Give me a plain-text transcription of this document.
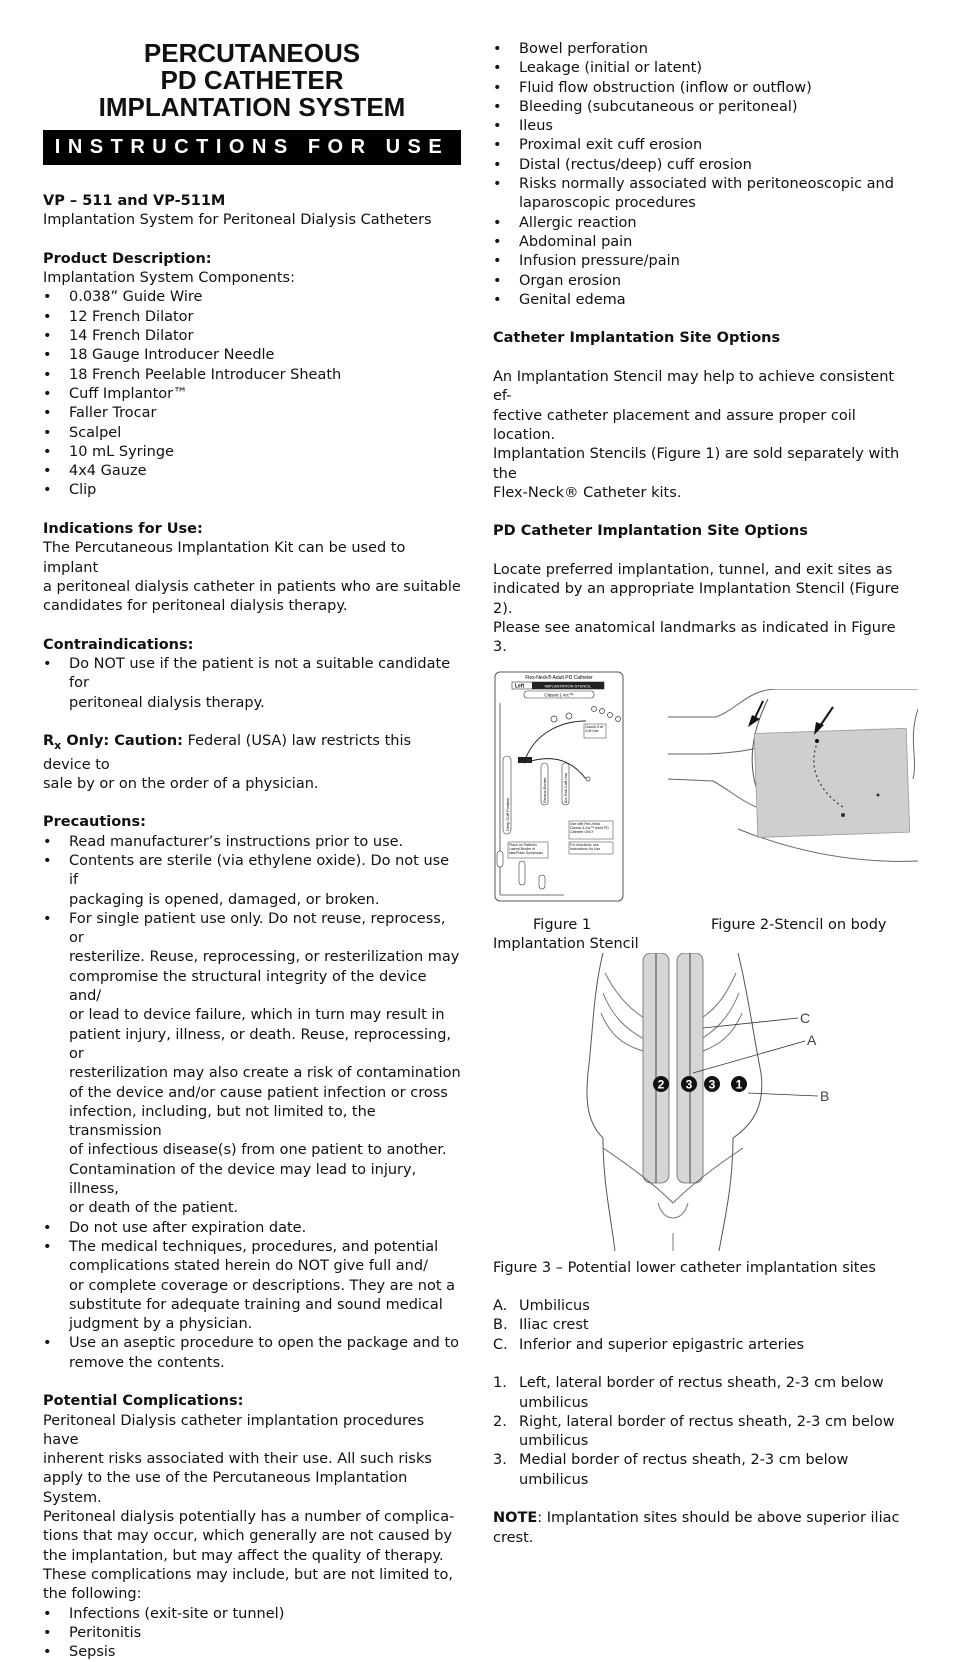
PERCUTANEOUS
PD CATHETER
IMPLANTATION SYSTEM
INSTRUCTIONS FOR USE

VP – 511 and VP-511M

Implantation System for Peritoneal Dialysis Catheters

Product Description:

Implantation System Components:

• 0.038” Guide Wire
• 12 French Dilator
• 14 French Dilator
• 18 Gauge Introducer Needle
• 18 French Peelable Introducer Sheath
• Cuff Implantor™
• Faller Trocar
• Scalpel
• 10 mL Syringe
• 4x4 Gauze
• Clip

Indications for Use:

The Percutaneous Implantation Kit can be used to implant

a peritoneal dialysis catheter in patients who are suitable

candidates for peritoneal dialysis therapy.

Contraindications:

• Do NOT use if the patient is not a suitable candidate for
peritoneal dialysis therapy.

$R_x$ Only: Caution: Federal (USA) law restricts this device to

sale by or on the order of a physician.

Precautions:

• Read manufacturer’s instructions prior to use.
• Contents are sterile (via ethylene oxide). Do not use if
packaging is opened, damaged, or broken.
• For single patient use only. Do not reuse, reprocess, or
resterilize. Reuse, reprocessing, or resterilization may
compromise the structural integrity of the device and/
or lead to device failure, which in turn may result in
patient injury, illness, or death. Reuse, reprocessing, or
resterilization may also create a risk of contamination
of the device and/or cause patient infection or cross
infection, including, but not limited to, the transmission
of infectious disease(s) from one patient to another.
Contamination of the device may lead to injury, illness,
or death of the patient.
• Do not use after expiration date.
• The medical techniques, procedures, and potential
complications stated herein do NOT give full and/
or complete coverage or descriptions. They are not a
substitute for adequate training and sound medical
judgment by a physician.
• Use an aseptic procedure to open the package and to
remove the contents.

Potential Complications:

Peritoneal Dialysis catheter implantation procedures have

inherent risks associated with their use. All such risks

apply to the use of the Percutaneous Implantation System.

Peritoneal dialysis potentially has a number of complica-

tions that may occur, which generally are not caused by

the implantation, but may affect the quality of therapy.

These complications may include, but are not limited to,

the following:

• Infections (exit-site or tunnel)
• Peritonitis
• Sepsis
• Bowel perforation
• Leakage (initial or latent)
• Fluid flow obstruction (inflow or outflow)
• Bleeding (subcutaneous or peritoneal)
• Ileus
• Proximal exit cuff erosion
• Distal (rectus/deep) cuff erosion
• Risks normally associated with peritoneoscopic and
laparoscopic procedures
• Allergic reaction
• Abdominal pain
• Infusion pressure/pain
• Organ erosion
• Genital edema

Catheter Implantation Site Options

An Implantation Stencil may help to achieve consistent ef-

fective catheter placement and assure proper coil location.

Implantation Stencils (Figure 1) are sold separately with the

Flex-Neck® Catheter kits.

PD Catheter Implantation Site Options

Locate preferred implantation, tunnel, and exit sites as

indicated by an appropriate Implantation Stencil (Figure 2).

Please see anatomical landmarks as indicated in Figure 3.

Flex-Neck® Adult PD Catheter
Left	IMPLANTATION STENCIL
Classic | Arc™
Deep Cuff Position
Rectus Border	Arc Exit Cuff Use
Classic Exit Cuff Use
Use with Flex-Neck Classic & Arc™ Adult PD Catheter ONLY
For directions, see Instructions for Use
Place on Patient's Lateral Border of Iliac/Pubic Symphysis

Figure 1

Implantation Stencil

Figure 2-Stencil on body

C
A
B
2 3 3 1

Figure 3 – Potential lower catheter implantation sites

A. Umbilicus
B. Iliac crest
C. Inferior and superior epigastric arteries
1. Left, lateral border of rectus sheath, 2-3 cm below
umbilicus
2. Right, lateral border of rectus sheath, 2-3 cm below
umbilicus
3. Medial border of rectus sheath, 2-3 cm below umbilicus

NOTE: Implantation sites should be above superior iliac

crest.
